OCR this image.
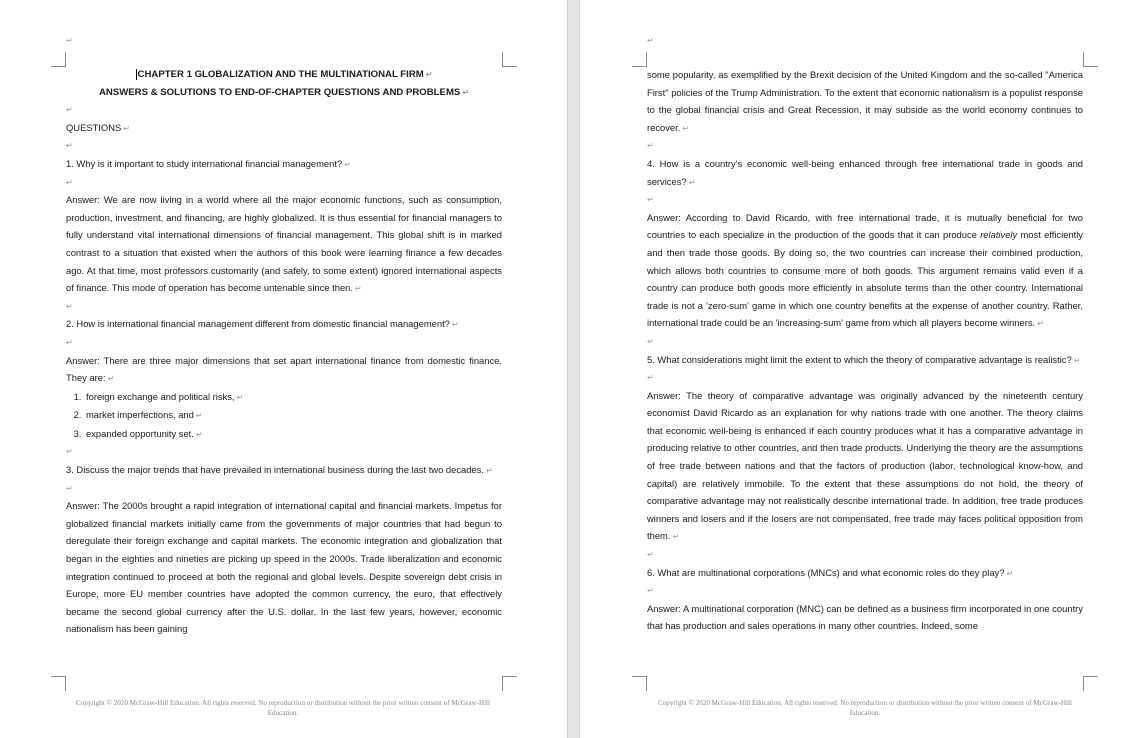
↵

CHAPTER 1 GLOBALIZATION AND THE MULTINATIONAL FIRM ↵

ANSWERS & SOLUTIONS TO END-OF-CHAPTER QUESTIONS AND PROBLEMS ↵

↵

QUESTIONS ↵

↵

1. Why is it important to study international financial management? ↵

↵

Answer: We are now living in a world where all the major economic functions, such as consumption, production, investment, and financing, are highly globalized. It is thus essential for financial managers to fully understand vital international dimensions of financial management. This global shift is in marked contrast to a situation that existed when the authors of this book were learning finance a few decades ago. At that time, most professors customarily (and safely, to some extent) ignored international aspects of finance. This mode of operation has become untenable since then. ↵

↵

2. How is international financial management different from domestic financial management? ↵

↵

Answer: There are three major dimensions that set apart international finance from domestic finance. They are: ↵

1. foreign exchange and political risks, ↵
2. market imperfections, and ↵
3. expanded opportunity set. ↵

↵

3. Discuss the major trends that have prevailed in international business during the last two decades. ↵

↵

Answer: The 2000s brought a rapid integration of international capital and financial markets. Impetus for globalized financial markets initially came from the governments of major countries that had begun to deregulate their foreign exchange and capital markets. The economic integration and globalization that began in the eighties and nineties are picking up speed in the 2000s. Trade liberalization and economic integration continued to proceed at both the regional and global levels. Despite sovereign debt crisis in Europe, more EU member countries have adopted the common currency, the euro, that effectively became the second global currency after the U.S. dollar. In the last few years, however, economic nationalism has been gaining

Copyright © 2020 McGraw-Hill Education. All rights reserved. No reproduction or distribution without the prior written consent of McGraw-Hill Education.
↵

some popularity, as exemplified by the Brexit decision of the United Kingdom and the so-called "America First" policies of the Trump Administration. To the extent that economic nationalism is a populist response to the global financial crisis and Great Recession, it may subside as the world economy continues to recover. ↵

↵

4. How is a country's economic well-being enhanced through free international trade in goods and services? ↵

↵

Answer: According to David Ricardo, with free international trade, it is mutually beneficial for two countries to each specialize in the production of the goods that it can produce relatively most efficiently and then trade those goods. By doing so, the two countries can increase their combined production, which allows both countries to consume more of both goods. This argument remains valid even if a country can produce both goods more efficiently in absolute terms than the other country. International trade is not a 'zero-sum' game in which one country benefits at the expense of another country. Rather, international trade could be an 'increasing-sum' game from which all players become winners. ↵

↵

5. What considerations might limit the extent to which the theory of comparative advantage is realistic? ↵

↵

Answer: The theory of comparative advantage was originally advanced by the nineteenth century economist David Ricardo as an explanation for why nations trade with one another. The theory claims that economic well-being is enhanced if each country produces what it has a comparative advantage in producing relative to other countries, and then trade products. Underlying the theory are the assumptions of free trade between nations and that the factors of production (labor, technological know-how, and capital) are relatively immobile. To the extent that these assumptions do not hold, the theory of comparative advantage may not realistically describe international trade. In addition, free trade produces winners and losers and if the losers are not compensated, free trade may faces political opposition from them. ↵

↵

6. What are multinational corporations (MNCs) and what economic roles do they play? ↵

↵

Answer: A multinational corporation (MNC) can be defined as a business firm incorporated in one country that has production and sales operations in many other countries. Indeed, some

Copyright © 2020 McGraw-Hill Education. All rights reserved. No reproduction or distribution without the prior written consent of McGraw-Hill Education.
